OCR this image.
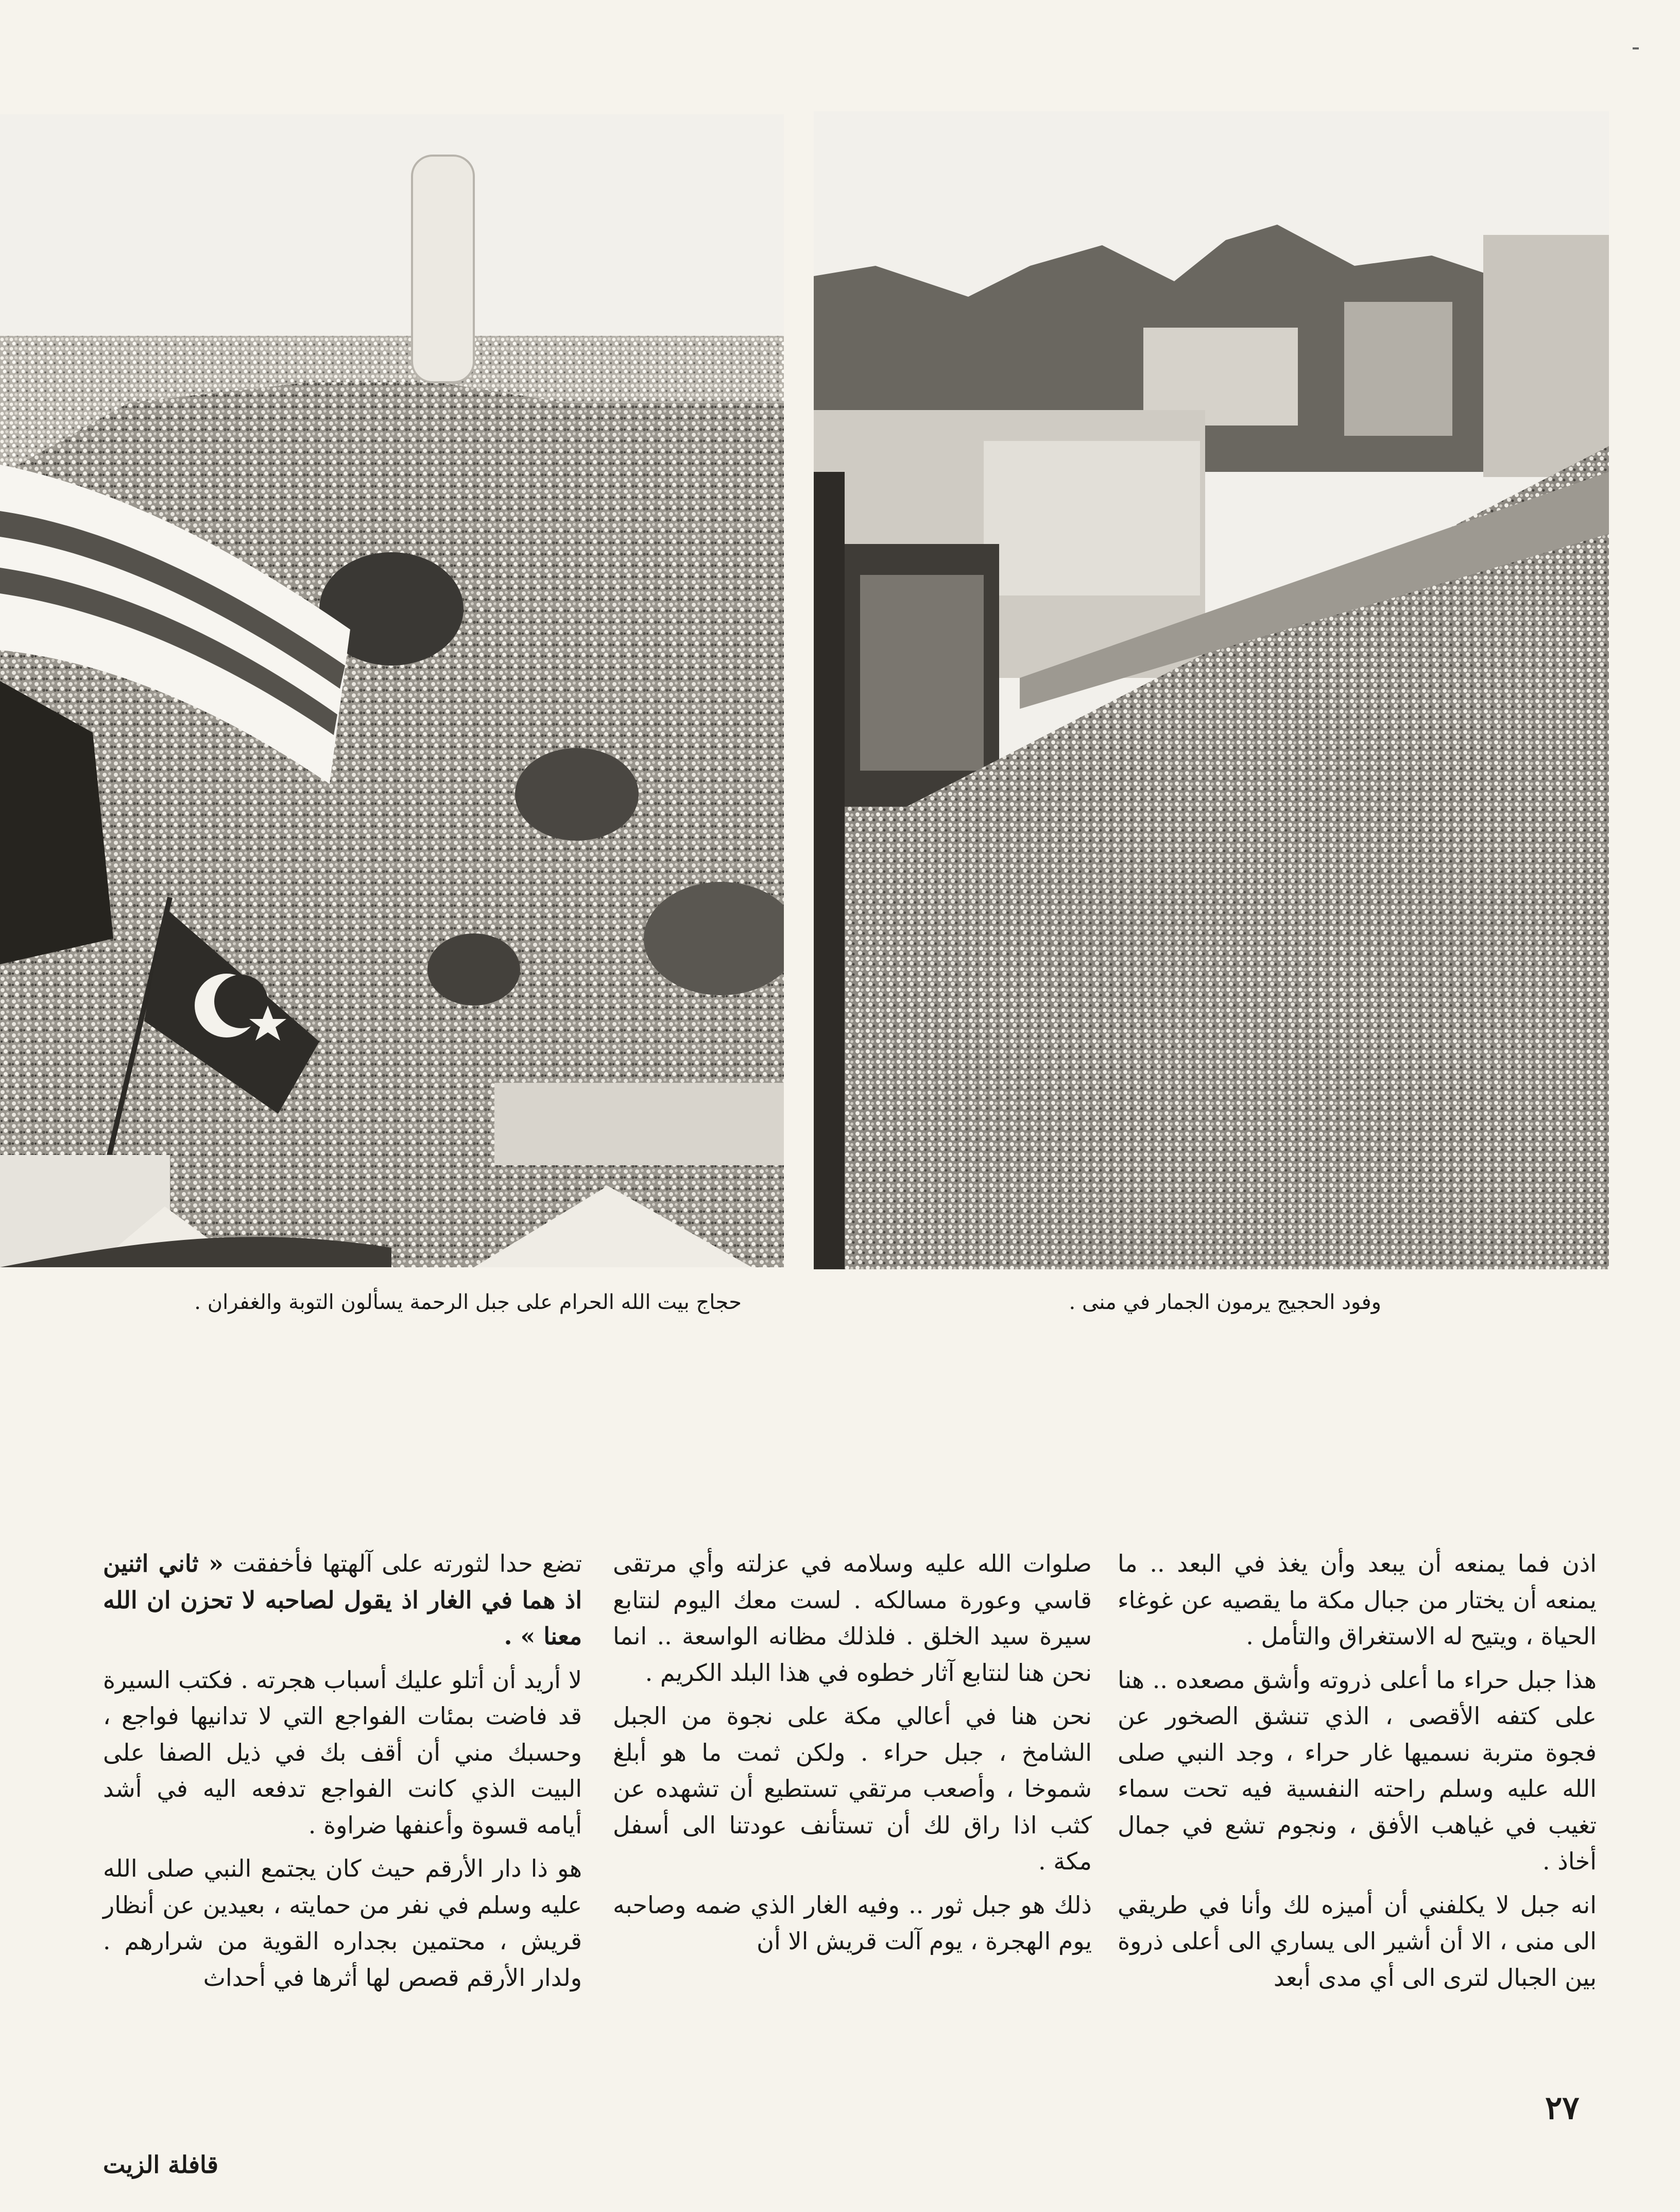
حجاج بيت الله الحرام على جبل الرحمة يسألون التوبة والغفران .	وفود الحجيج يرمون الجمار في منى .

اذن فما يمنعه أن يبعد وأن يغذ في البعد .. ما يمنعه أن يختار من جبال مكة ما يقصيه عن غوغاء الحياة ، ويتيح له الاستغراق والتأمل .

هذا جبل حراء ما أعلى ذروته وأشق مصعده .. هنا على كتفه الأقصى ، الذي تنشق الصخور عن فجوة متربة نسميها غار حراء ، وجد النبي صلى الله عليه وسلم راحته النفسية فيه تحت سماء تغيب في غياهب الأفق ، ونجوم تشع في جمال أخاذ .

انه جبل لا يكلفني أن أميزه لك وأنا في طريقي الى منى ، الا أن أشير الى يساري الى أعلى ذروة بين الجبال لترى الى أي مدى أبعد

صلوات الله عليه وسلامه في عزلته وأي مرتقى قاسي وعورة مسالكه . لست معك اليوم لنتابع سيرة سيد الخلق . فلذلك مظانه الواسعة .. انما نحن هنا لنتابع آثار خطوه في هذا البلد الكريم .

نحن هنا في أعالي مكة على نجوة من الجبل الشامخ ، جبل حراء . ولكن ثمت ما هو أبلغ شموخا ، وأصعب مرتقي تستطيع أن تشهده عن كثب اذا راق لك أن تستأنف عودتنا الى أسفل مكة .

ذلك هو جبل ثور .. وفيه الغار الذي ضمه وصاحبه يوم الهجرة ، يوم آلت قريش الا أن

تضع حدا لثورته على آلهتها فأخفقت « ثاني اثنين اذ هما في الغار اذ يقول لصاحبه لا تحزن ان الله معنا » .

لا أريد أن أتلو عليك أسباب هجرته . فكتب السيرة قد فاضت بمئات الفواجع التي لا تدانيها فواجع ، وحسبك مني أن أقف بك في ذيل الصفا على البيت الذي كانت الفواجع تدفعه اليه في أشد أيامه قسوة وأعنفها ضراوة .

هو ذا دار الأرقم حيث كان يجتمع النبي صلى الله عليه وسلم في نفر من حمايته ، بعيدين عن أنظار قريش ، محتمين بجداره القوية من شرارهم . ولدار الأرقم قصص لها أثرها في أحداث

٢٧
قافلة الزيت
